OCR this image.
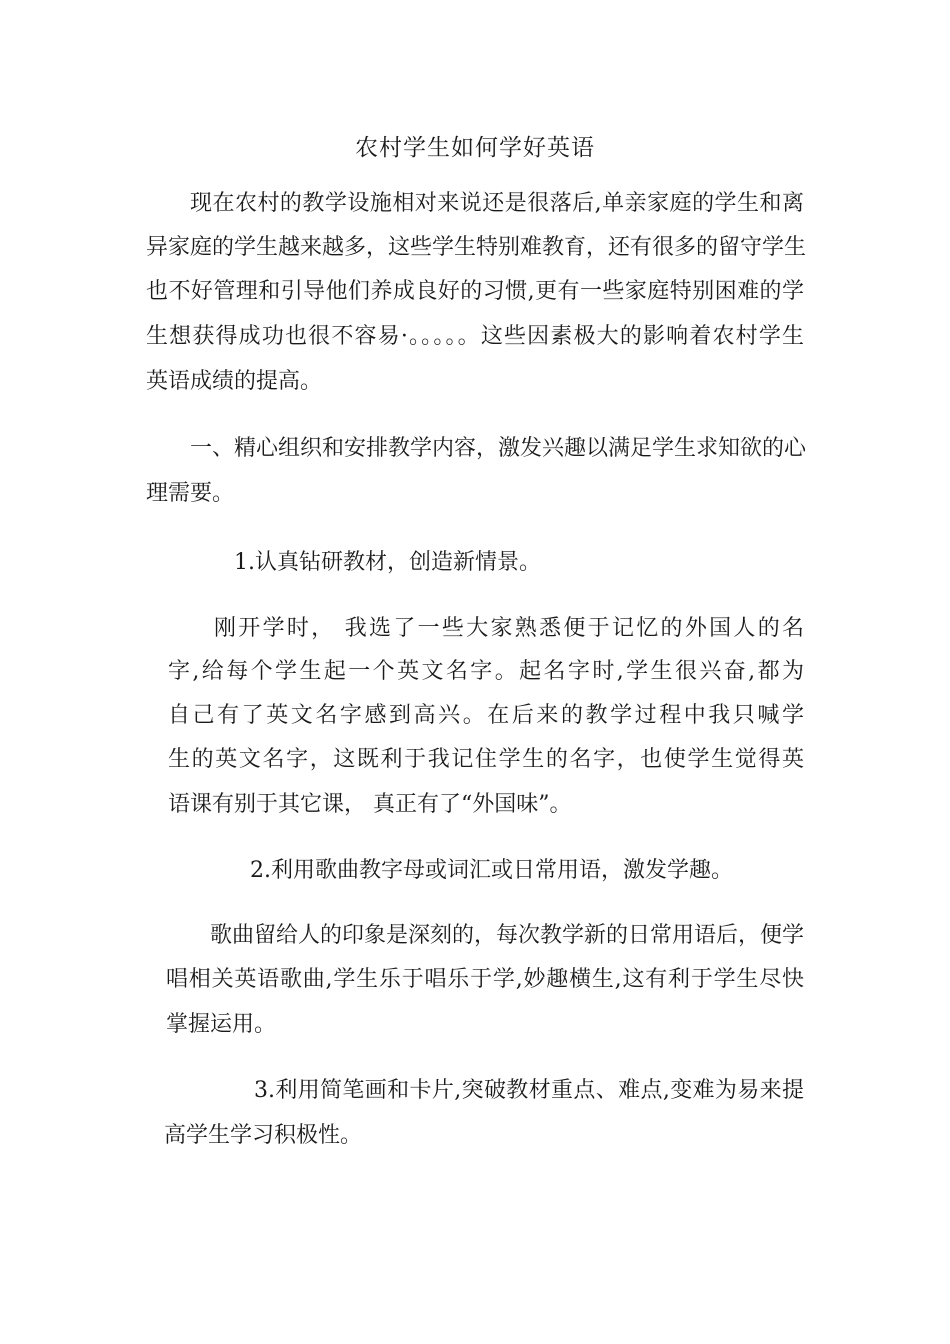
农村学生如何学好英语
现在农村的教学设施相对来说还是很落后,单亲家庭的学生和离
异家庭的学生越来越多，这些学生特别难教育，还有很多的留守学生
也不好管理和引导他们养成良好的习惯,更有一些家庭特别困难的学
生想获得成功也很不容易·。。。。。这些因素极大的影响着农村学生
英语成绩的提高。
一、精心组织和安排教学内容，激发兴趣以满足学生求知欲的心
理需要。
1.认真钻研教材，创造新情景。
刚开学时， 我选了一些大家熟悉便于记忆的外国人的名
字,给每个学生起一个英文名字。起名字时,学生很兴奋,都为
自己有了英文名字感到高兴。在后来的教学过程中我只喊学
生的英文名字，这既利于我记住学生的名字，也使学生觉得英
语课有别于其它课， 真正有了“外国味”。
2.利用歌曲教字母或词汇或日常用语，激发学趣。
歌曲留给人的印象是深刻的，每次教学新的日常用语后，便学
唱相关英语歌曲,学生乐于唱乐于学,妙趣横生,这有利于学生尽快
掌握运用。
3.利用简笔画和卡片,突破教材重点、难点,变难为易来提
高学生学习积极性。
